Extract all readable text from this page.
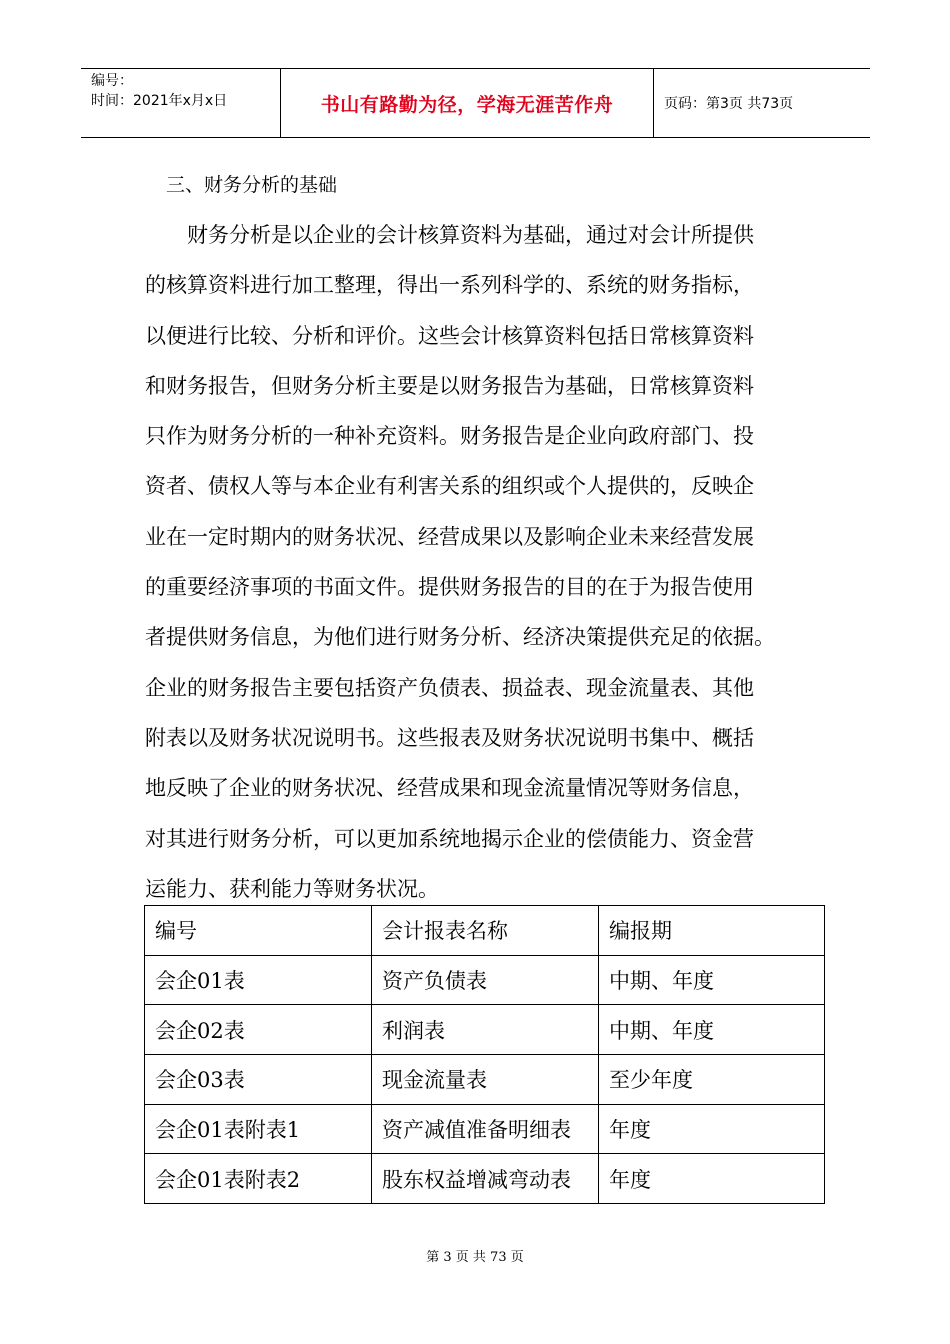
编号：
时间：2021年x月x日	书山有路勤为径，学海无涯苦作舟	页码：第3页 共73页
三、财务分析的基础
财务分析是以企业的会计核算资料为基础，通过对会计所提供
的核算资料进行加工整理，得出一系列科学的、系统的财务指标，
以便进行比较、分析和评价。这些会计核算资料包括日常核算资料
和财务报告，但财务分析主要是以财务报告为基础，日常核算资料
只作为财务分析的一种补充资料。财务报告是企业向政府部门、投
资者、债权人等与本企业有利害关系的组织或个人提供的，反映企
业在一定时期内的财务状况、经营成果以及影响企业未来经营发展
的重要经济事项的书面文件。提供财务报告的目的在于为报告使用
者提供财务信息，为他们进行财务分析、经济决策提供充足的依据。
企业的财务报告主要包括资产负债表、损益表、现金流量表、其他
附表以及财务状况说明书。这些报表及财务状况说明书集中、概括
地反映了企业的财务状况、经营成果和现金流量情况等财务信息，
对其进行财务分析，可以更加系统地揭示企业的偿债能力、资金营
运能力、获利能力等财务状况。
编号	会计报表名称	编报期
会企01表	资产负债表	中期、年度
会企02表	利润表	中期、年度
会企03表	现金流量表	至少年度
会企01表附表1	资产减值准备明细表	年度
会企01表附表2	股东权益增减弯动表	年度
第 3 页 共 73 页
